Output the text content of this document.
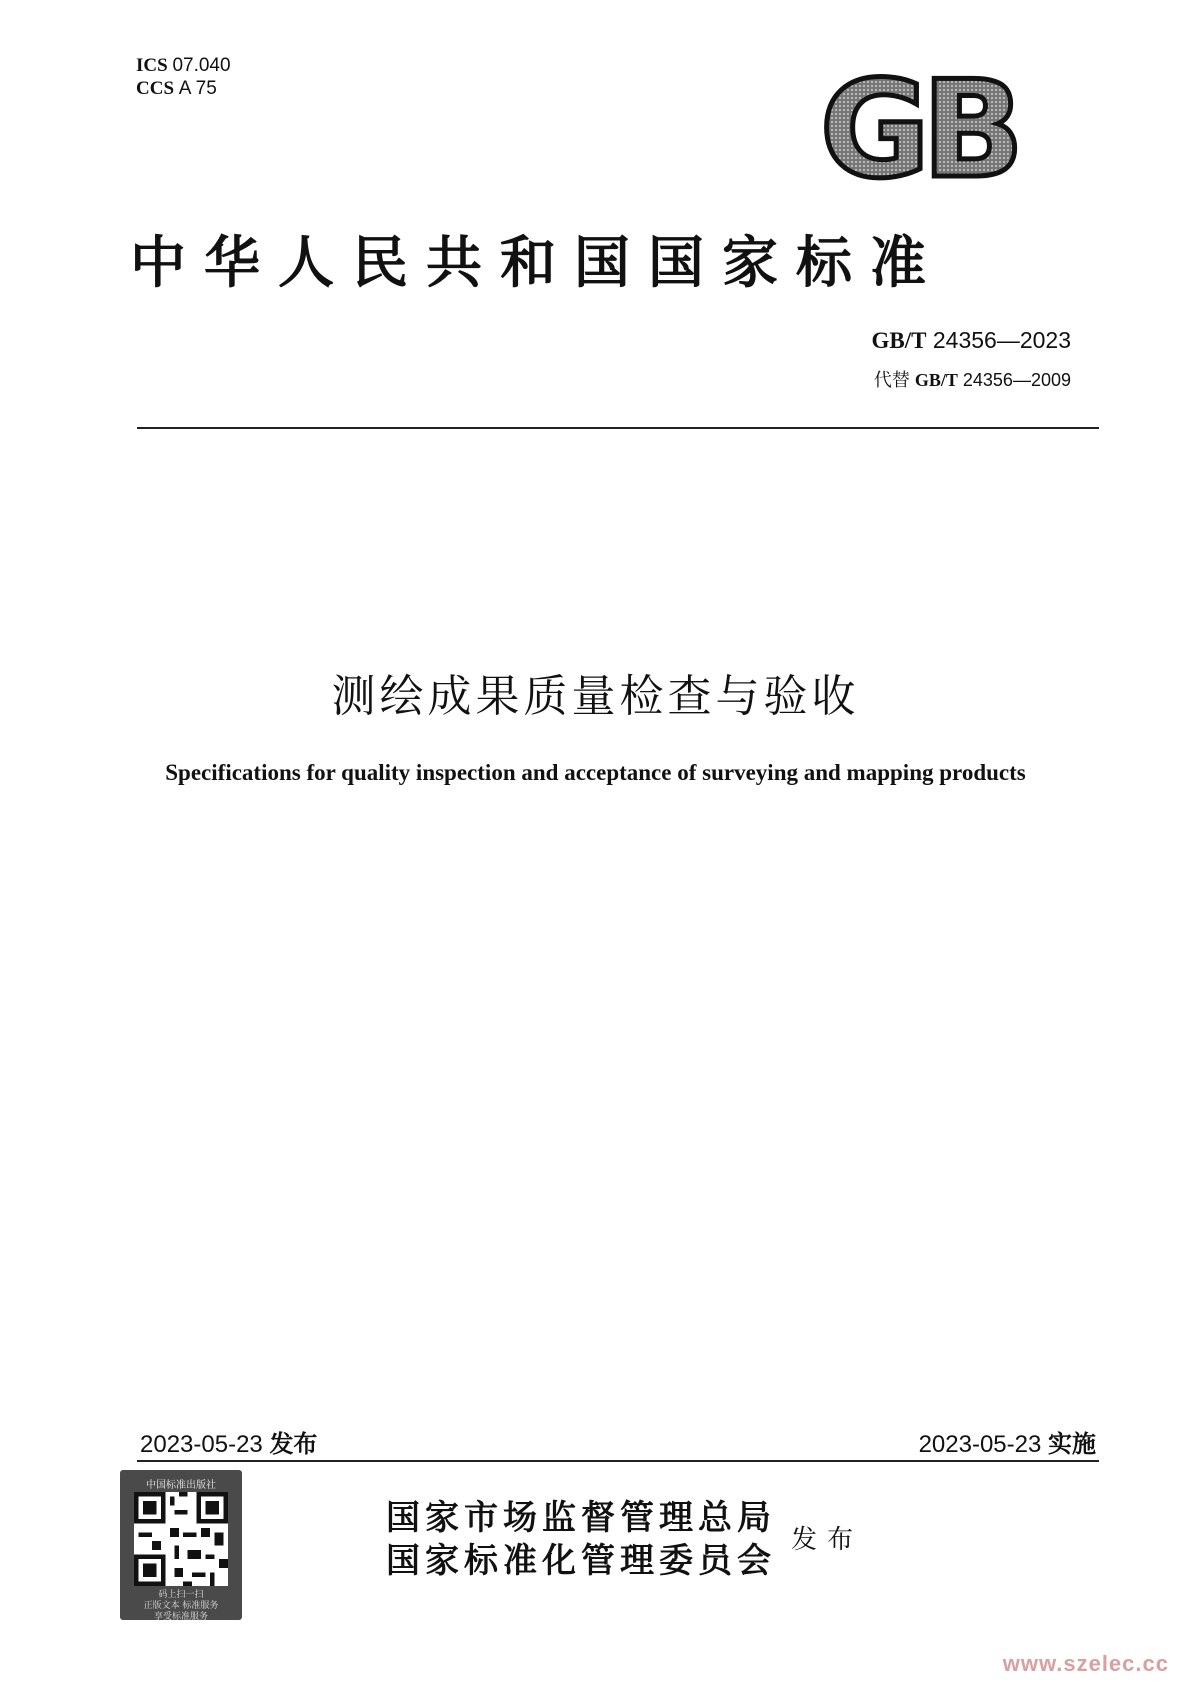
ICS 07.040
CCS A 75	GB
中华人民共和国国家标准
GB/T 24356—2023
代替 GB/T 24356—2009
测绘成果质量检查与验收
Specifications for quality inspection and acceptance of surveying and mapping products
2023-05-23 发布	2023-05-23 实施
中国标准出版社
码上扫一扫
正版文本 标准服务
享受标准服务
国家市场监督管理总局
国家标准化管理委员会
发布
www.szelec.cc
